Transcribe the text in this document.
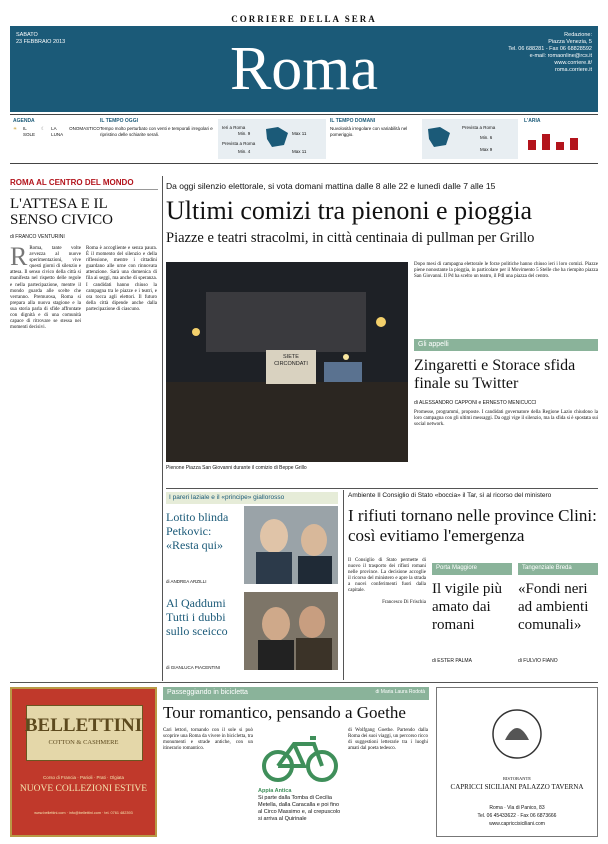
CORRIERE DELLA SERA
SABATO
23 FEBBRAIO 2013	Roma	Redazione:
Piazza Venezia, 5
Tel. 06 688281 - Fax 06 68828592
e-mail: romaonline@rcs.it
www.corriere.it/
roma.corriere.it
AGENDA
☀ IL SOLE
☾ LA LUNA
ONOMASTICO
IL TEMPO OGGI
Tempo molto perturbato con venti e temporali irregolari e ripristino delle schiarite serali.
Ieri a Roma
Prevista a Roma
Min. 9
Min. 4
Max 11
Max 11
IL TEMPO DOMANI
Nuvolosità irregolare con variabilità nel pomeriggio.
Prevista a Roma
Min. 6
Max 9
L'ARIA
ROMA AL CENTRO DEL MONDO
L'ATTESA E IL SENSO CIVICO
di FRANCO VENTURINI
R Roma, tante volte avvezza al nuove sperimentazioni, vive questi giorni di silenzio e attesa. Il senso civico della città si manifesta nel rispetto delle regole e nella partecipazione, mentre il mondo guarda alle scelte che verranno. Premurosa, Roma si prepara alla nuova stagione e la sua storia parla di sfide affrontate con dignità e di una comunità capace di ritrovare se stessa nei momenti decisivi.
Roma è accogliente e senza paura. È il momento del silenzio e della riflessione, mentre i cittadini guardano alle urne con rinnovata attenzione. Sarà una domenica di fila ai seggi, ma anche di speranza. I candidati hanno chiuso la campagna tra le piazze e i teatri, e ora tocca agli elettori. Il futuro della città dipende anche dalla partecipazione di ciascuno.
Da oggi silenzio elettorale, si vota domani mattina dalle 8 alle 22 e lunedì dalle 7 alle 15
Ultimi comizi tra pienoni e pioggia
Piazze e teatri stracolmi, in città centinaia di pullman per Grillo
SIETE CIRCONDATI
Pienone Piazza San Giovanni durante il comizio di Beppe Grillo
Dopo mesi di campagna elettorale le forze politiche hanno chiuso ieri i loro comizi. Piazze piene nonostante la pioggia, in particolare per il Movimento 5 Stelle che ha riempito piazza San Giovanni. Il Pd ha scelto un teatro, il Pdl una piazza del centro.
Gli appelli
Zingaretti e Storace sfida finale su Twitter
di ALESSANDRO CAPPONI e ERNESTO MENICUCCI
Promesse, programmi, proposte. I candidati governatore della Regione Lazio chiudono la loro campagna con gli ultimi messaggi. Da oggi vige il silenzio, ma la sfida si è spostata sui social network.
I pareri laziale e il «principe» giallorosso
Lotito blinda Petkovic: «Resta qui»
di ANDREA ARZILLI
Al Qaddumi Tutti i dubbi sullo sceicco
di GIANLUCA PIACENTINI
Ambiente Il Consiglio di Stato «boccia» il Tar, sì al ricorso del ministero
I rifiuti tornano nelle province Clini: così evitiamo l'emergenza
Il Consiglio di Stato permette di nuovo il trasporto dei rifiuti romani nelle province. La decisione accoglie il ricorso del ministero e apre la strada a nuovi conferimenti fuori dalla capitale.
Francesco Di Frischia
Porta Maggiore
Il vigile più amato dai romani
di ESTER PALMA
Tangenziale Breda
«Fondi neri ad ambienti comunali»
di FULVIO FIANO
BELLETTINI
COTTON & CASHMERE
Corso di Francia · Parioli · Prati · Olgiata
NUOVE COLLEZIONI ESTIVE
www.bellettini.com · info@bellettini.com · tel. 0761 482393
Passeggiando in bicicletta	di Maria Laura Rodotà
Tour romantico, pensando a Goethe
Cari lettori, tornando con il sole si può scoprire una Roma da vivere in bicicletta, tra monumenti e strade antiche, con un itinerario romantico.
Appia Antica
Si parte dalla Tomba di Cecilia Metella, dalla Caracalla e poi fino al Circo Massimo e, al crepuscolo si arriva al Quirinale
di Wolfgang Goethe. Partendo dalla Roma dei suoi viaggi, un percorso ricco di suggestioni letterarie tra i luoghi amati dal poeta tedesco.
RISTORANTE
CAPRICCI SICILIANI PALAZZO TAVERNA
Roma · Via di Panico, 83
Tel. 06 45433622 · Fax 06 6873666
www.capriccisiciliani.com
